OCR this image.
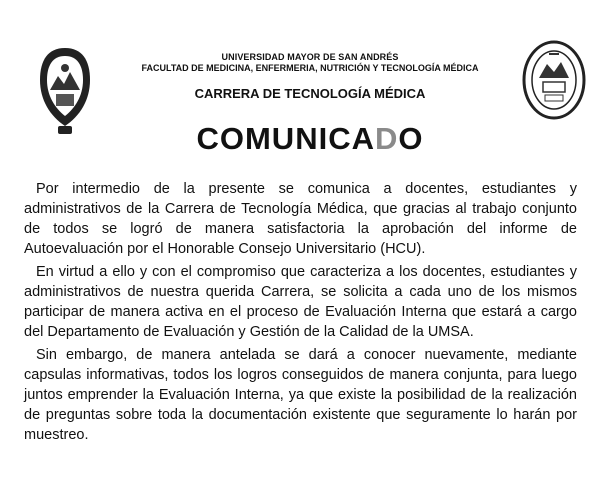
UNIVERSIDAD MAYOR DE SAN ANDRÉS
FACULTAD DE MEDICINA, ENFERMERIA, NUTRICIÓN Y TECNOLOGÍA MÉDICA
CARRERA DE TECNOLOGÍA MÉDICA
COMUNICADO

Por intermedio de la presente se comunica a docentes, estudiantes y administrativos de la Carrera de Tecnología Médica, que gracias al trabajo conjunto de todos se logró de manera satisfactoria la aprobación del informe de Autoevaluación por el Honorable Consejo Universitario (HCU).

En virtud a ello y con el compromiso que caracteriza a los docentes, estudiantes y administrativos de nuestra querida Carrera, se solicita a cada uno de los mismos participar de manera activa en el proceso de Evaluación Interna que estará a cargo del Departamento de Evaluación y Gestión de la Calidad de la UMSA.

Sin embargo, de manera antelada se dará a conocer nuevamente, mediante capsulas informativas, todos los logros conseguidos de manera conjunta, para luego juntos emprender la Evaluación Interna, ya que existe la posibilidad de la realización de preguntas sobre toda la documentación existente que seguramente lo harán por muestreo.
